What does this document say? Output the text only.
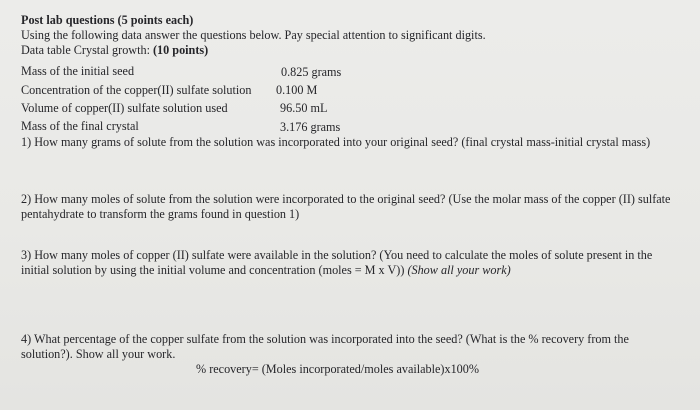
Post lab questions (5 points each)
Using the following data answer the questions below. Pay special attention to significant digits.
Data table Crystal growth: (10 points)
Mass of the initial seed	0.825 grams
Concentration of the copper(II) sulfate solution 0.100 M
Volume of copper(II) sulfate solution used	96.50 mL
Mass of the final crystal	3.176 grams
1) How many grams of solute from the solution was incorporated into your original seed? (final crystal mass-initial crystal mass)
2) How many moles of solute from the solution were incorporated to the original seed? (Use the molar mass of the copper (II) sulfate pentahydrate to transform the grams found in question 1)
3) How many moles of copper (II) sulfate were available in the solution? (You need to calculate the moles of solute present in the initial solution by using the initial volume and concentration (moles = M x V)) (Show all your work)
4) What percentage of the copper sulfate from the solution was incorporated into the seed? (What is the % recovery from the solution?). Show all your work.
% recovery= (Moles incorporated/moles available)x100%
